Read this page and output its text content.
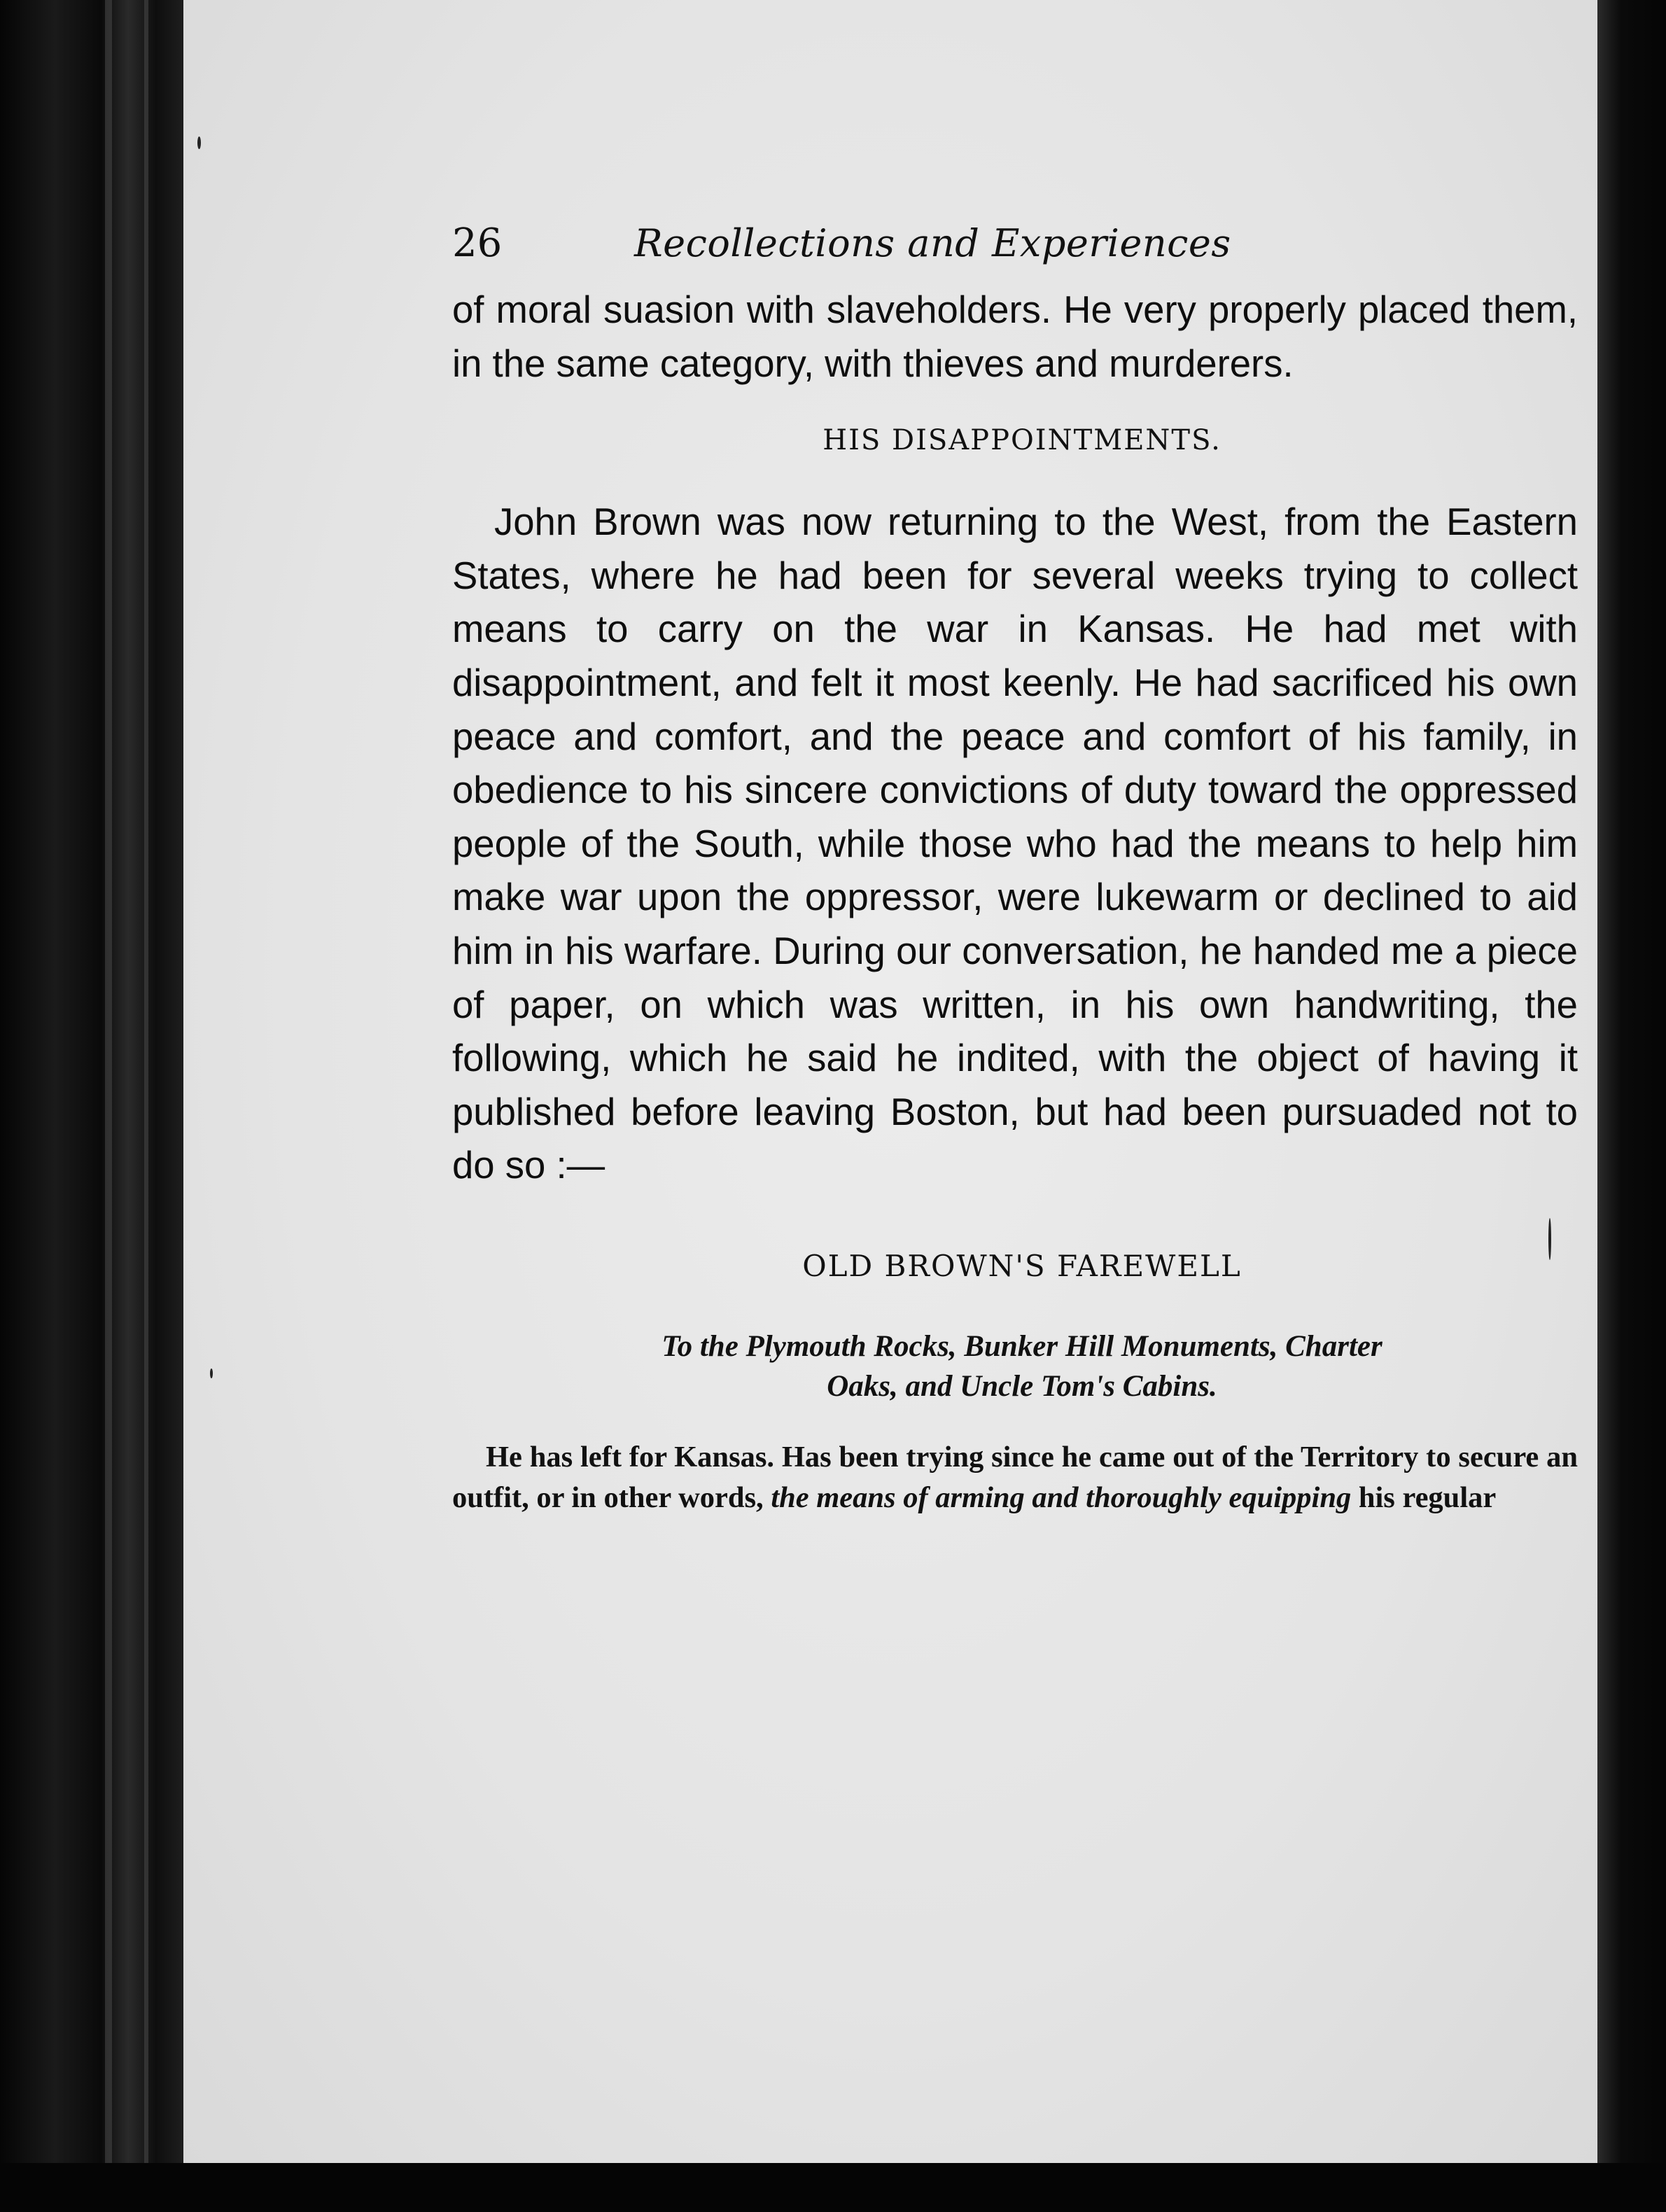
26	Recollections and Experiences

of moral suasion with slaveholders. He very properly placed them, in the same category, with thieves and murderers.

HIS DISAPPOINTMENTS.

John Brown was now returning to the West, from the Eastern States, where he had been for several weeks trying to collect means to carry on the war in Kansas. He had met with disappointment, and felt it most keenly. He had sacrificed his own peace and comfort, and the peace and comfort of his family, in obedience to his sincere convictions of duty toward the oppressed people of the South, while those who had the means to help him make war upon the oppressor, were lukewarm or declined to aid him in his warfare. During our conversation, he handed me a piece of paper, on which was written, in his own handwriting, the following, which he said he indited, with the object of having it published before leaving Boston, but had been pursuaded not to do so :—

OLD BROWN'S FAREWELL

To the Plymouth Rocks, Bunker Hill Monuments, Charter

Oaks, and Uncle Tom's Cabins.

He has left for Kansas. Has been trying since he came out of the Territory to secure an outfit, or in other words, the means of arming and thoroughly equipping his regular
